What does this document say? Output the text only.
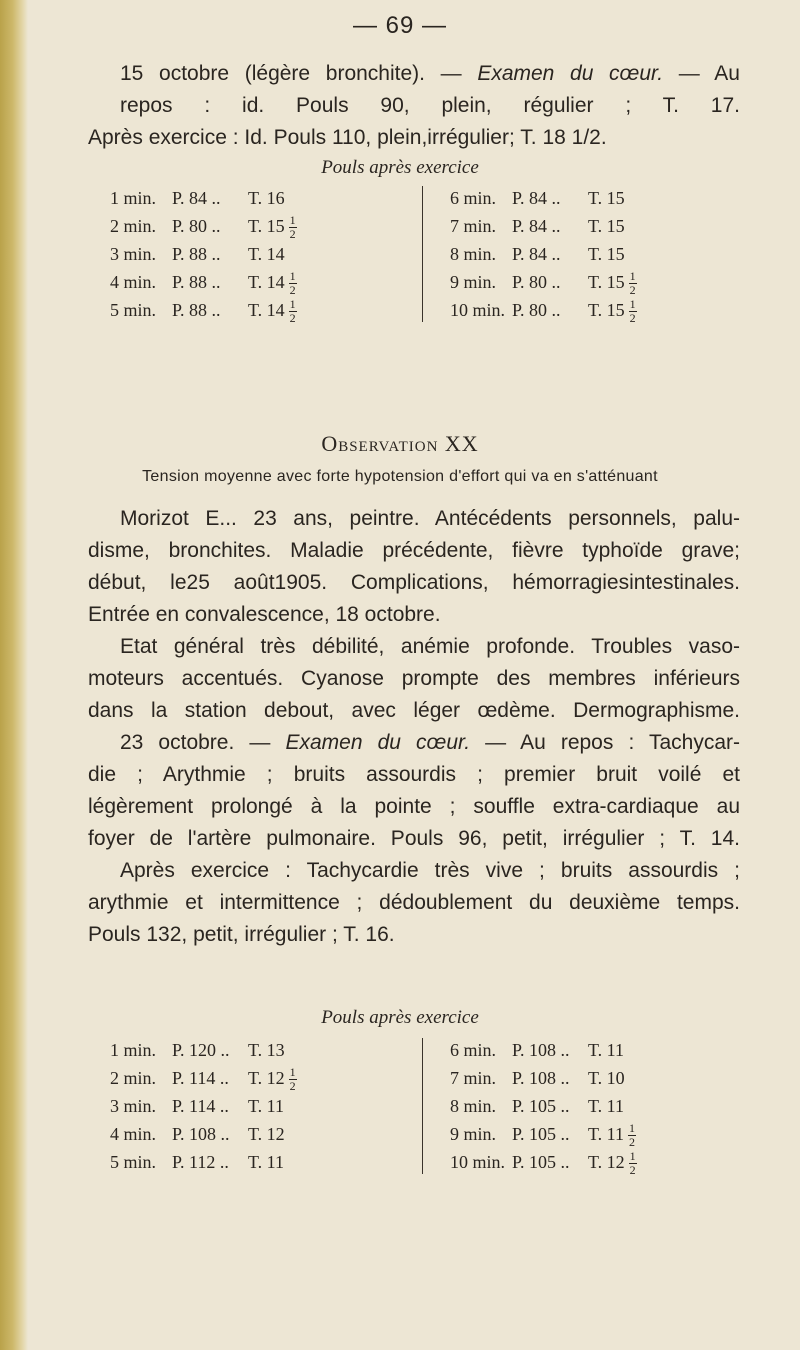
— 69 —

15 octobre (légère bronchite). — Examen du cœur. — Au
repos : id. Pouls 90, plein, régulier ; T. 17.
Après exercice : Id. Pouls 110, plein,irrégulier; T. 18 1/2.

Pouls après exercice
1 min. P. 84 .. T. 16
2 min. P. 80 .. T. $15 \frac{1}{2}$
3 min. P. 88 .. T. 14
4 min. P. 88 .. T. $14 \frac{1}{2}$
5 min. P. 88 .. T. $14 \frac{1}{2}$
6 min. P. 84 .. T. 15
7 min. P. 84 .. T. 15
8 min. P. 84 .. T. 15
9 min. P. 80 .. T. $15 \frac{1}{2}$
10 min. P. 80 .. T. $15 \frac{1}{2}$
Observation XX
Tension moyenne avec forte hypotension d'effort qui va en s'atténuant

Morizot E... 23 ans, peintre. Antécédents personnels, palu-
disme, bronchites. Maladie précédente, fièvre typhoïde grave;
début, le25 août1905. Complications, hémorragiesintestinales.
Entrée en convalescence, 18 octobre.

Etat général très débilité, anémie profonde. Troubles vaso-
moteurs accentués. Cyanose prompte des membres inférieurs
dans la station debout, avec léger œdème. Dermographisme.
23 octobre. — Examen du cœur. — Au repos : Tachycar-
die ; Arythmie ; bruits assourdis ; premier bruit voilé et
légèrement prolongé à la pointe ; souffle extra-cardiaque au
foyer de l'artère pulmonaire. Pouls 96, petit, irrégulier ; T. 14.
Après exercice : Tachycardie très vive ; bruits assourdis ;
arythmie et intermittence ; dédoublement du deuxième temps.
Pouls 132, petit, irrégulier ; T. 16.

Pouls après exercice
1 min. P. 120 .. T. 13
2 min. P. 114 .. T. $12 \frac{1}{2}$
3 min. P. 114 .. T. 11
4 min. P. 108 .. T. 12
5 min. P. 112 .. T. 11
6 min. P. 108 .. T. 11
7 min. P. 108 .. T. 10
8 min. P. 105 .. T. 11
9 min. P. 105 .. T. $11 \frac{1}{2}$
10 min. P. 105 .. T. $12 \frac{1}{2}$
